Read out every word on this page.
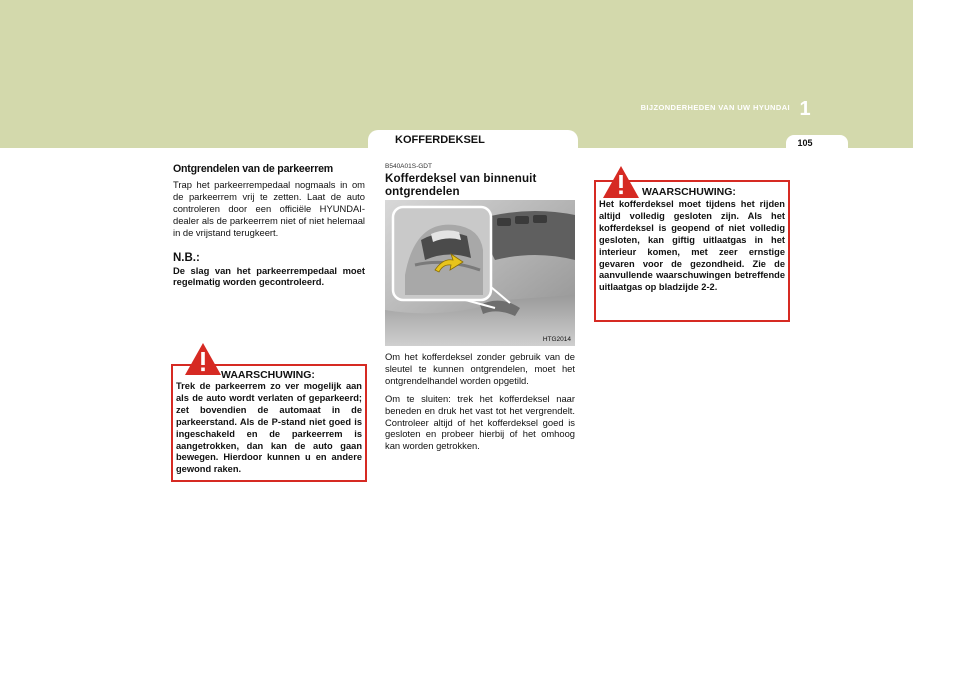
BIJZONDERHEDEN VAN UW HYUNDAI 1
KOFFERDEKSEL	105
Ontgrendelen van de parkeerrem

Trap het parkeerrempedaal nogmaals in om de parkeerrem vrij te zetten. Laat de auto controleren door een officiële HYUNDAI-dealer als de parkeerrem niet of niet helemaal in de vrijstand terugkeert.

N.B.:

De slag van het parkeerrempedaal moet regelmatig worden gecontroleerd.

WAARSCHUWING:
Trek de parkeerrem zo ver mogelijk aan als de auto wordt verlaten of geparkeerd; zet bovendien de automaat in de parkeerstand. Als de P-stand niet goed is ingeschakeld en de parkeerrem is aangetrokken, dan kan de auto gaan bewegen. Hierdoor kunnen u en andere gewond raken.
B540A01S-GDT
Kofferdeksel van binnenuit ontgrendelen
HTG2014

Om het kofferdeksel zonder gebruik van de sleutel te kunnen ontgrendelen, moet het ontgrendelhandel worden opgetild.

Om te sluiten: trek het kofferdeksel naar beneden en druk het vast tot het vergrendelt. Controleer altijd of het kofferdeksel goed is gesloten en probeer hierbij of het omhoog kan worden getrokken.

WAARSCHUWING:
Het kofferdeksel moet tijdens het rijden altijd volledig gesloten zijn. Als het kofferdeksel is geopend of niet volledig gesloten, kan giftig uitlaatgas in het interieur komen, met zeer ernstige gevaren voor de gezondheid. Zie de aanvullende waarschuwingen betreffende uitlaatgas op bladzijde 2-2.
